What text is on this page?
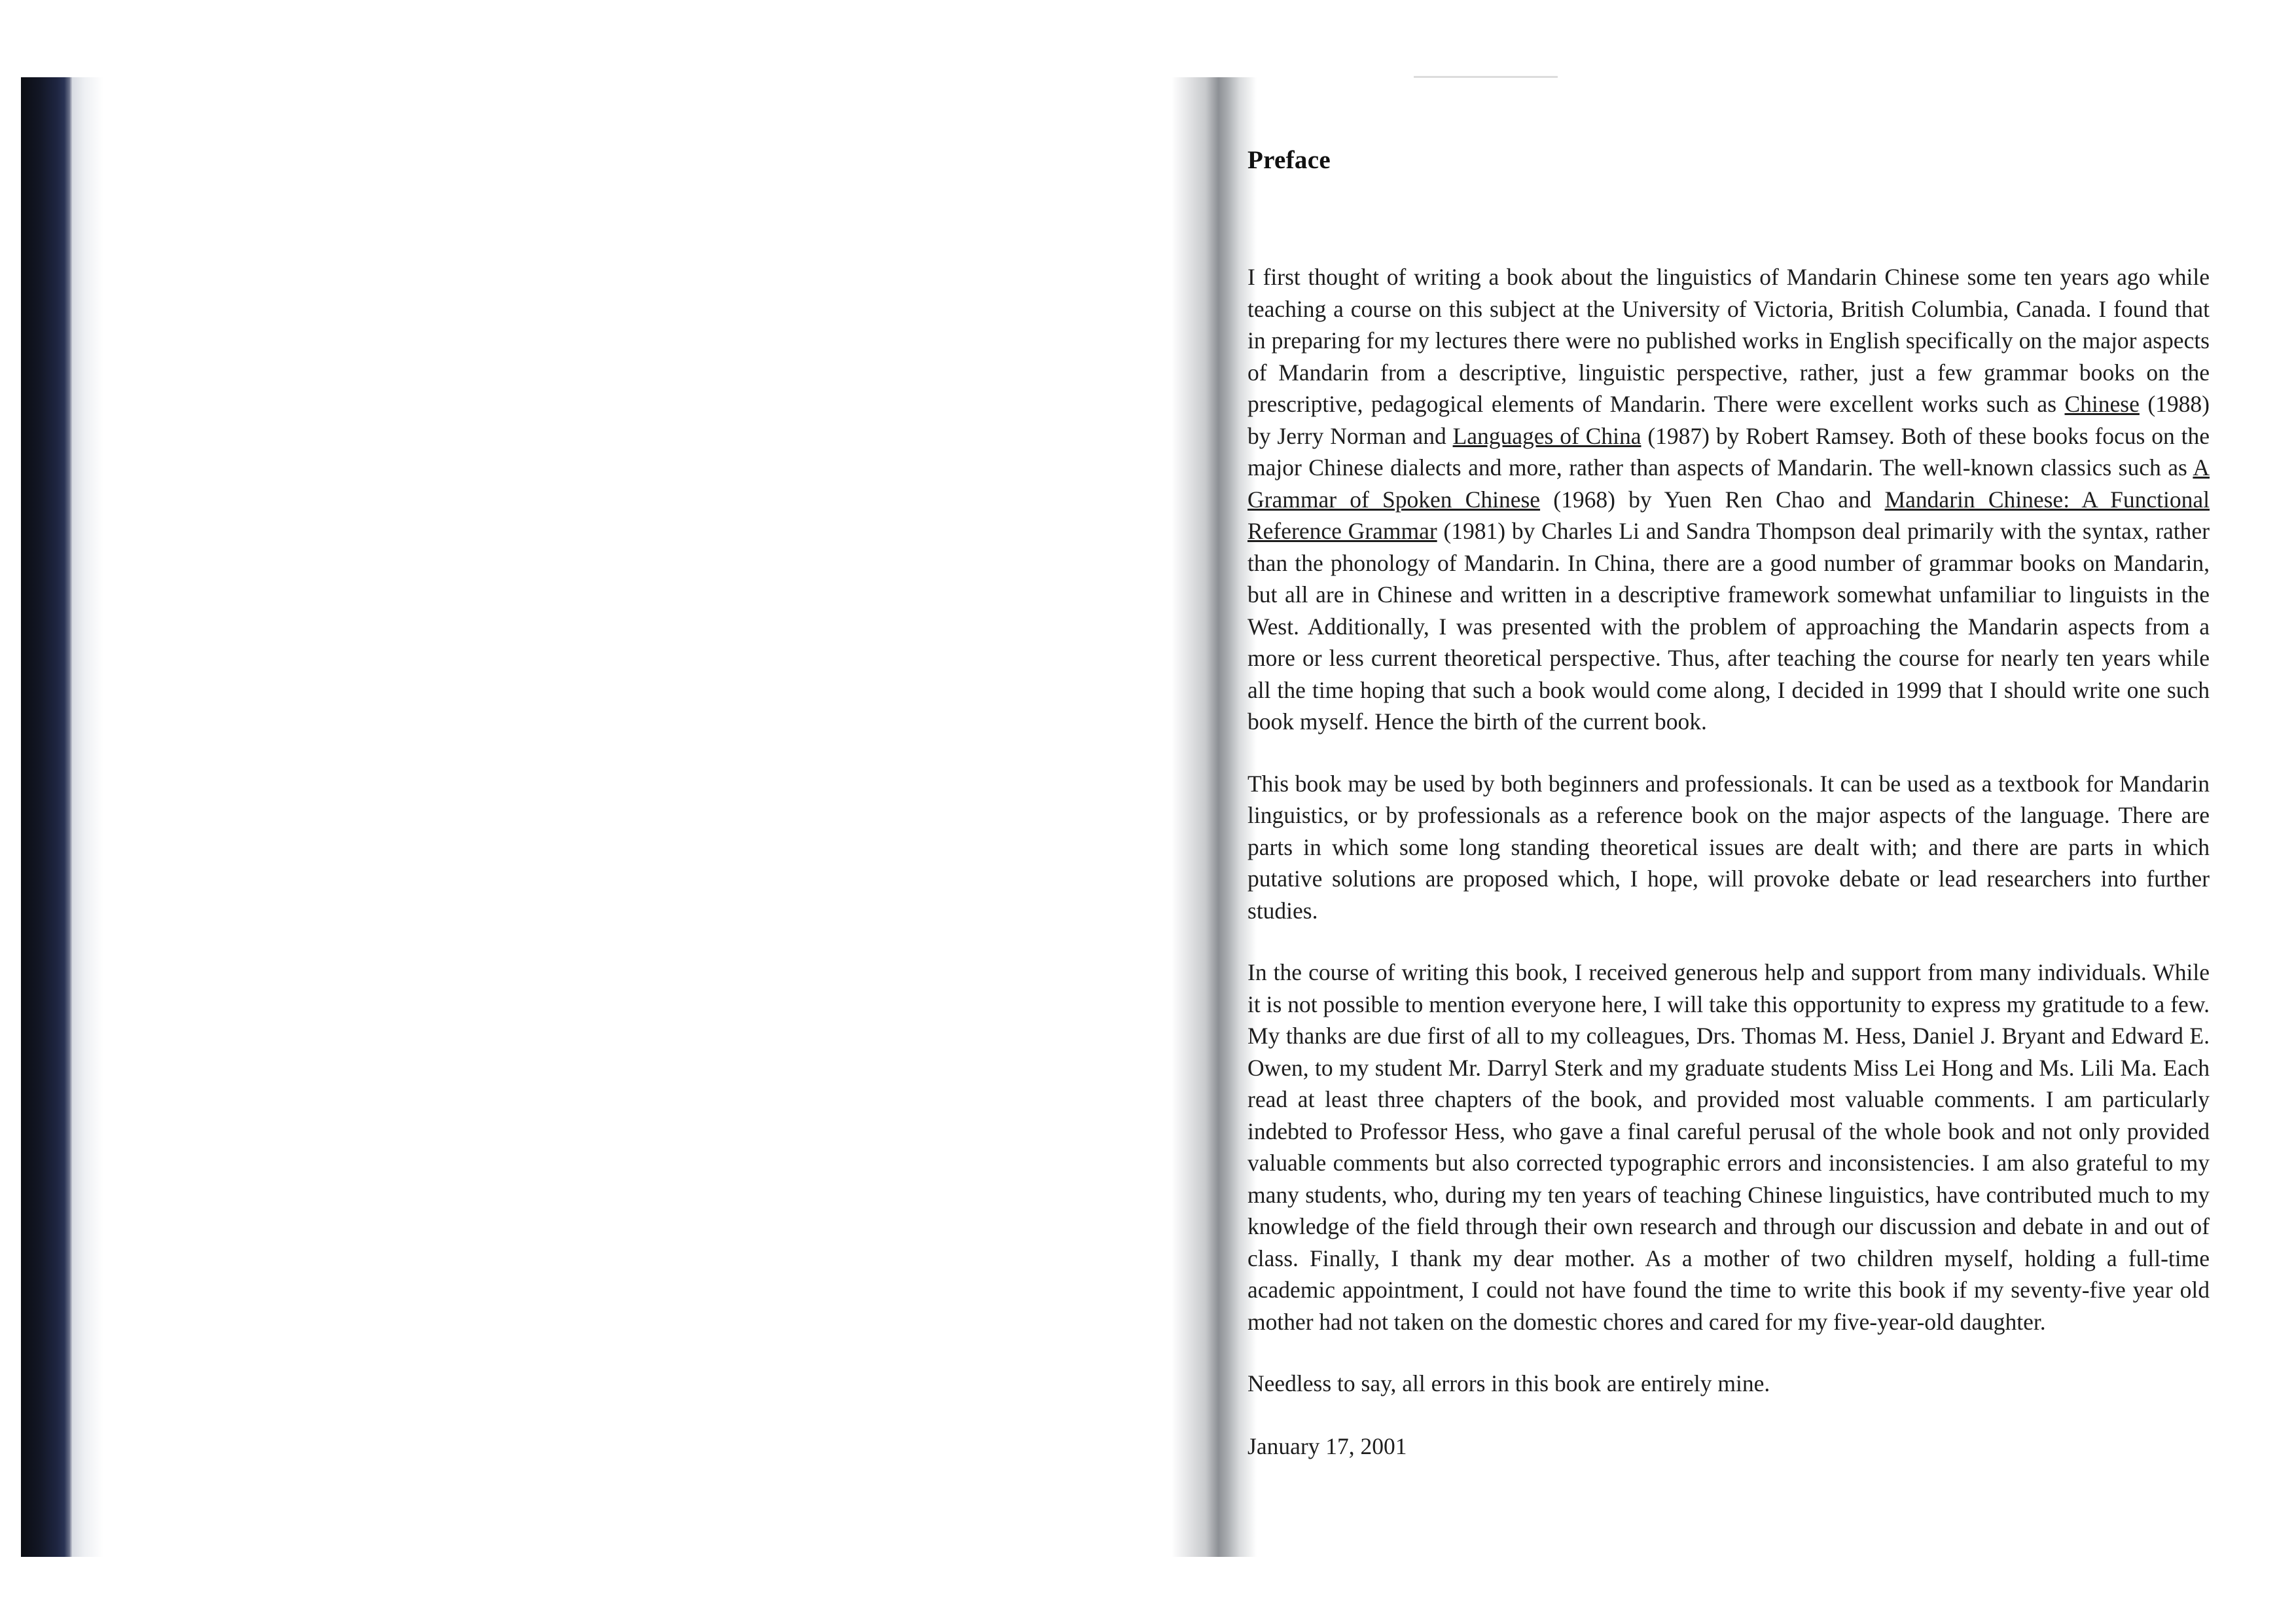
Preface

I first thought of writing a book about the linguistics of Mandarin Chinese some ten years ago while teaching a course on this subject at the University of Victoria, British Columbia, Canada. I found that in preparing for my lectures there were no published works in English specifically on the major aspects of Mandarin from a descriptive, linguistic perspective, rather, just a few grammar books on the prescriptive, pedagogical elements of Mandarin. There were excellent works such as Chinese (1988) by Jerry Norman and Languages of China (1987) by Robert Ramsey. Both of these books focus on the major Chinese dialects and more, rather than aspects of Mandarin. The well-known classics such as A Grammar of Spoken Chinese (1968) by Yuen Ren Chao and Mandarin Chinese: A Functional Reference Grammar (1981) by Charles Li and Sandra Thompson deal primarily with the syntax, rather than the phonology of Mandarin. In China, there are a good number of grammar books on Mandarin, but all are in Chinese and written in a descriptive framework somewhat unfamiliar to linguists in the West. Additionally, I was presented with the problem of approaching the Mandarin aspects from a more or less current theoretical perspective. Thus, after teaching the course for nearly ten years while all the time hoping that such a book would come along, I decided in 1999 that I should write one such book myself. Hence the birth of the current book.

This book may be used by both beginners and professionals. It can be used as a textbook for Mandarin linguistics, or by professionals as a reference book on the major aspects of the language. There are parts in which some long standing theoretical issues are dealt with; and there are parts in which putative solutions are proposed which, I hope, will provoke debate or lead researchers into further studies.

In the course of writing this book, I received generous help and support from many individuals. While it is not possible to mention everyone here, I will take this opportunity to express my gratitude to a few. My thanks are due first of all to my colleagues, Drs. Thomas M. Hess, Daniel J. Bryant and Edward E. Owen, to my student Mr. Darryl Sterk and my graduate students Miss Lei Hong and Ms. Lili Ma. Each read at least three chapters of the book, and provided most valuable comments. I am particularly indebted to Professor Hess, who gave a final careful perusal of the whole book and not only provided valuable comments but also corrected typographic errors and inconsistencies. I am also grateful to my many students, who, during my ten years of teaching Chinese linguistics, have contributed much to my knowledge of the field through their own research and through our discussion and debate in and out of class. Finally, I thank my dear mother. As a mother of two children myself, holding a full-time academic appointment, I could not have found the time to write this book if my seventy-five year old mother had not taken on the domestic chores and cared for my five-year-old daughter.

Needless to say, all errors in this book are entirely mine.

January 17, 2001
